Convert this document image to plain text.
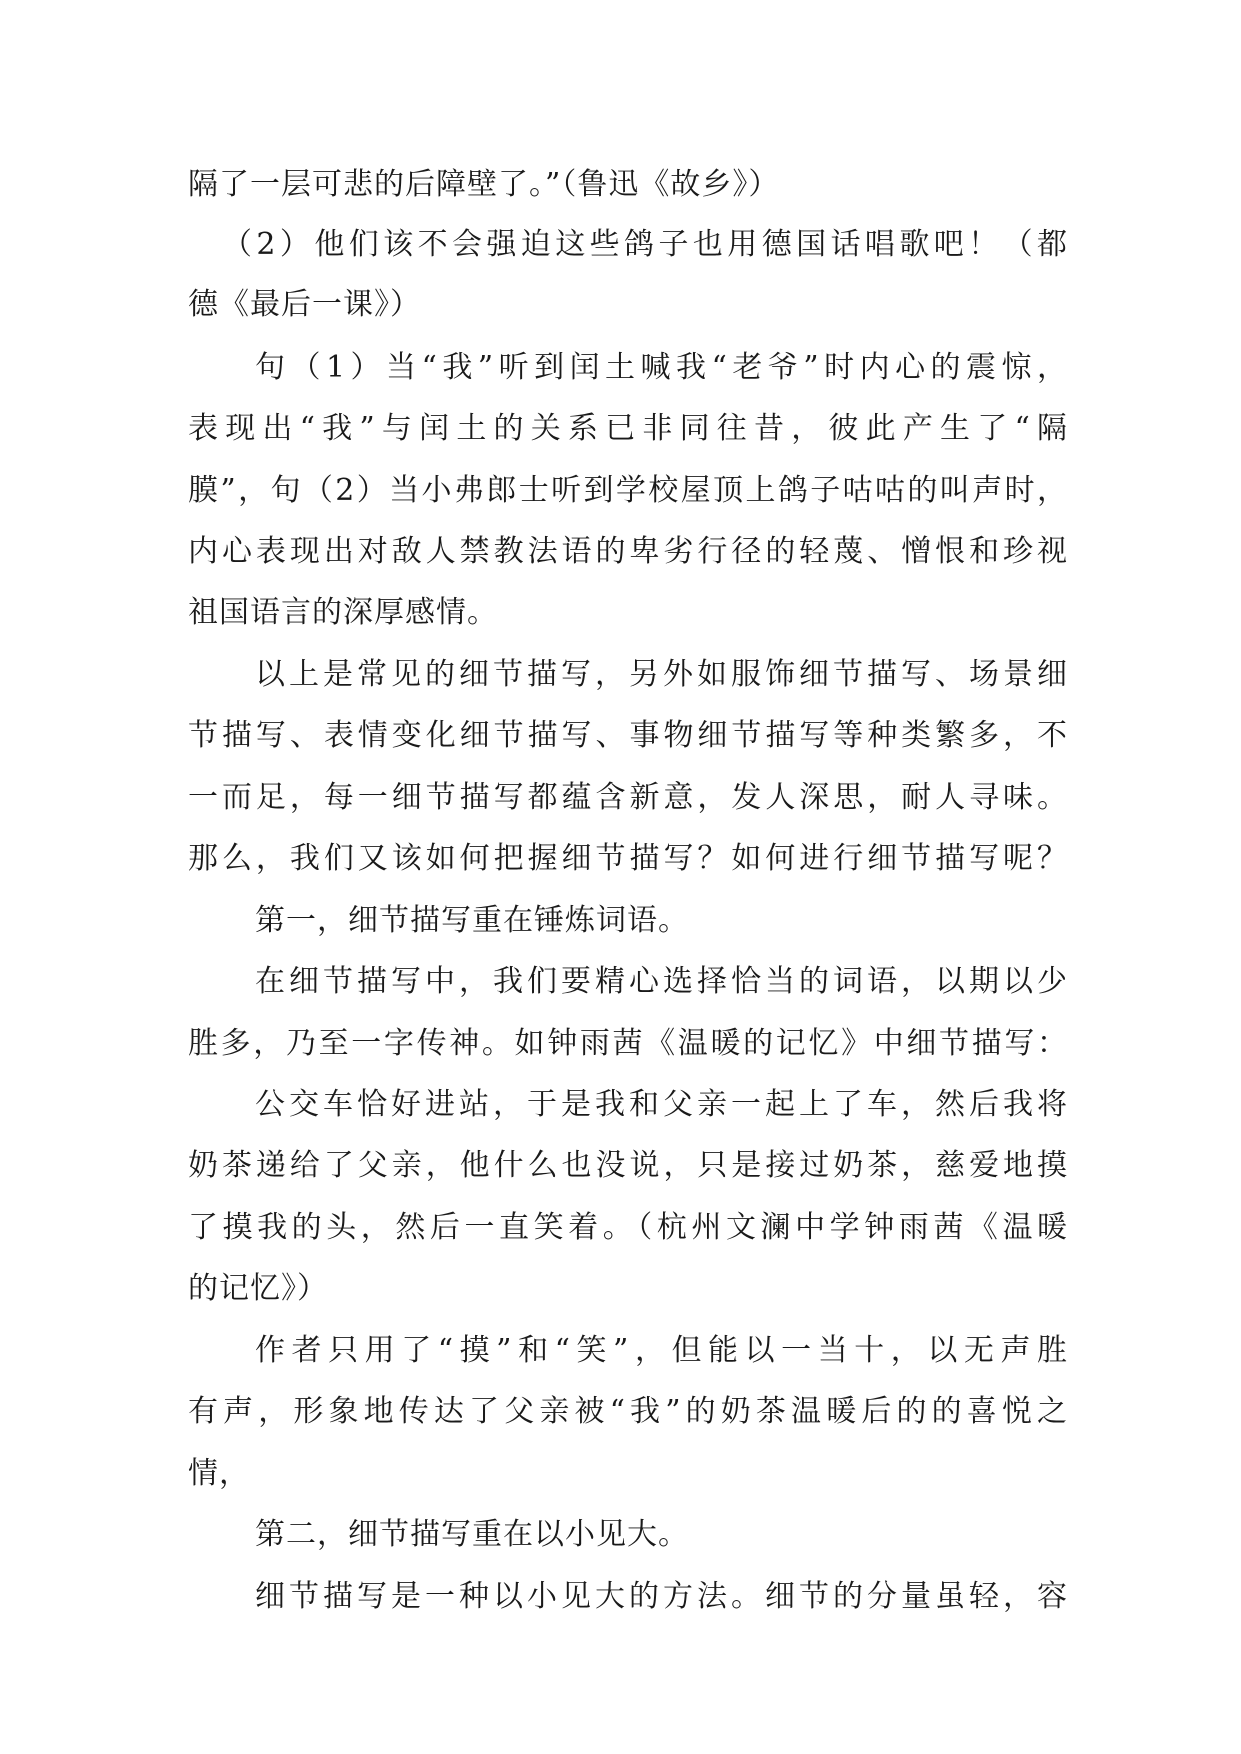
隔了一层可悲的后障壁了。”（鲁迅《故乡》）
（2）他们该不会强迫这些鸽子也用德国话唱歌吧！（都
德《最后一课》）
句（1）当“我”听到闰土喊我“老爷”时内心的震惊，
表现出“我”与闰土的关系已非同往昔，彼此产生了“隔
膜”，句（2）当小弗郎士听到学校屋顶上鸽子咕咕的叫声时，
内心表现出对敌人禁教法语的卑劣行径的轻蔑、憎恨和珍视
祖国语言的深厚感情。
以上是常见的细节描写，另外如服饰细节描写、场景细
节描写、表情变化细节描写、事物细节描写等种类繁多，不
一而足，每一细节描写都蕴含新意，发人深思，耐人寻味。
那么，我们又该如何把握细节描写？如何进行细节描写呢？
第一，细节描写重在锤炼词语。
在细节描写中，我们要精心选择恰当的词语，以期以少
胜多，乃至一字传神。如钟雨茜《温暖的记忆》中细节描写：
公交车恰好进站，于是我和父亲一起上了车，然后我将
奶茶递给了父亲，他什么也没说，只是接过奶茶，慈爱地摸
了摸我的头，然后一直笑着。（杭州文澜中学钟雨茜《温暖
的记忆》）
作者只用了“摸”和“笑”，但能以一当十，以无声胜
有声，形象地传达了父亲被“我”的奶茶温暖后的的喜悦之
情，
第二，细节描写重在以小见大。
细节描写是一种以小见大的方法。细节的分量虽轻，容
